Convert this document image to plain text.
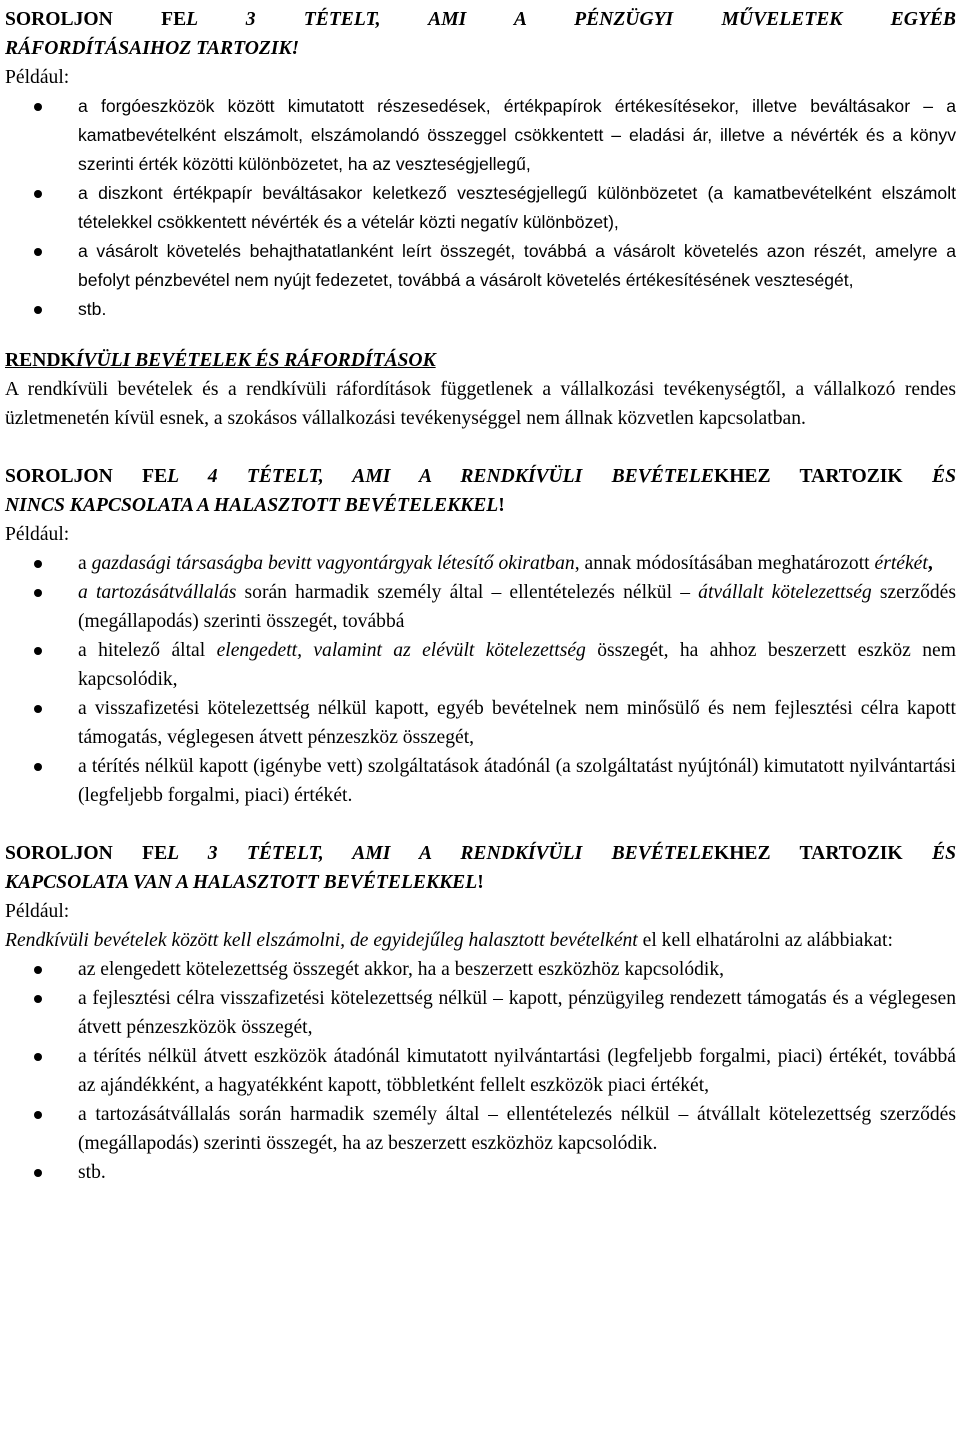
SOROLJON FEL 3 TÉTELT, AMI A PÉNZÜGYI MŰVELETEK EGYÉB
RÁFORDÍTÁSAIHOZ TARTOZIK!
Például:
a forgóeszközök között kimutatott részesedések, értékpapírok értékesítésekor, illetve beváltásakor – a kamatbevételként elszámolt, elszámolandó összeggel csökkentett – eladási ár, illetve a névérték és a könyv szerinti érték közötti különbözetet, ha az veszteségjellegű,
a diszkont értékpapír beváltásakor keletkező veszteségjellegű különbözetet (a kamatbevételként elszámolt tételekkel csökkentett névérték és a vételár közti negatív különbözet),
a vásárolt követelés behajthatatlanként leírt összegét, továbbá a vásárolt követelés azon részét, amelyre a befolyt pénzbevétel nem nyújt fedezetet, továbbá a vásárolt követelés értékesítésének veszteségét,
stb.
RENDKÍVÜLI BEVÉTELEK ÉS RÁFORDÍTÁSOK
A rendkívüli bevételek és a rendkívüli ráfordítások függetlenek a vállalkozási tevékenységtől, a vállalkozó rendes üzletmenetén kívül esnek, a szokásos vállalkozási tevékenységgel nem állnak közvetlen kapcsolatban.
SOROLJON FEL 4 TÉTELT, AMI A RENDKÍVÜLI BEVÉTELEKHEZ TARTOZIK ÉS
NINCS KAPCSOLATA A HALASZTOTT BEVÉTELEKKEL!
Például:
a gazdasági társaságba bevitt vagyontárgyak létesítő okiratban, annak módosításában meghatározott értékét,
a tartozásátvállalás során harmadik személy által – ellentételezés nélkül – átvállalt kötelezettség szerződés (megállapodás) szerinti összegét, továbbá
a hitelező által elengedett, valamint az elévült kötelezettség összegét, ha ahhoz beszerzett eszköz nem kapcsolódik,
a visszafizetési kötelezettség nélkül kapott, egyéb bevételnek nem minősülő és nem fejlesztési célra kapott támogatás, véglegesen átvett pénzeszköz összegét,
a térítés nélkül kapott (igénybe vett) szolgáltatások átadónál (a szolgáltatást nyújtónál) kimutatott nyilvántartási (legfeljebb forgalmi, piaci) értékét.
SOROLJON FEL 3 TÉTELT, AMI A RENDKÍVÜLI BEVÉTELEKHEZ TARTOZIK ÉS
KAPCSOLATA VAN A HALASZTOTT BEVÉTELEKKEL!
Például:
Rendkívüli bevételek között kell elszámolni, de egyidejűleg halasztott bevételként el kell elhatárolni az alábbiakat:
az elengedett kötelezettség összegét akkor, ha a beszerzett eszközhöz kapcsolódik,
a fejlesztési célra visszafizetési kötelezettség nélkül – kapott, pénzügyileg rendezett támogatás és a véglegesen átvett pénzeszközök összegét,
a térítés nélkül átvett eszközök átadónál kimutatott nyilvántartási (legfeljebb forgalmi, piaci) értékét, továbbá az ajándékként, a hagyatékként kapott, többletként fellelt eszközök piaci értékét,
a tartozásátvállalás során harmadik személy által – ellentételezés nélkül – átvállalt kötelezettség szerződés (megállapodás) szerinti összegét, ha az beszerzett eszközhöz kapcsolódik.
stb.
